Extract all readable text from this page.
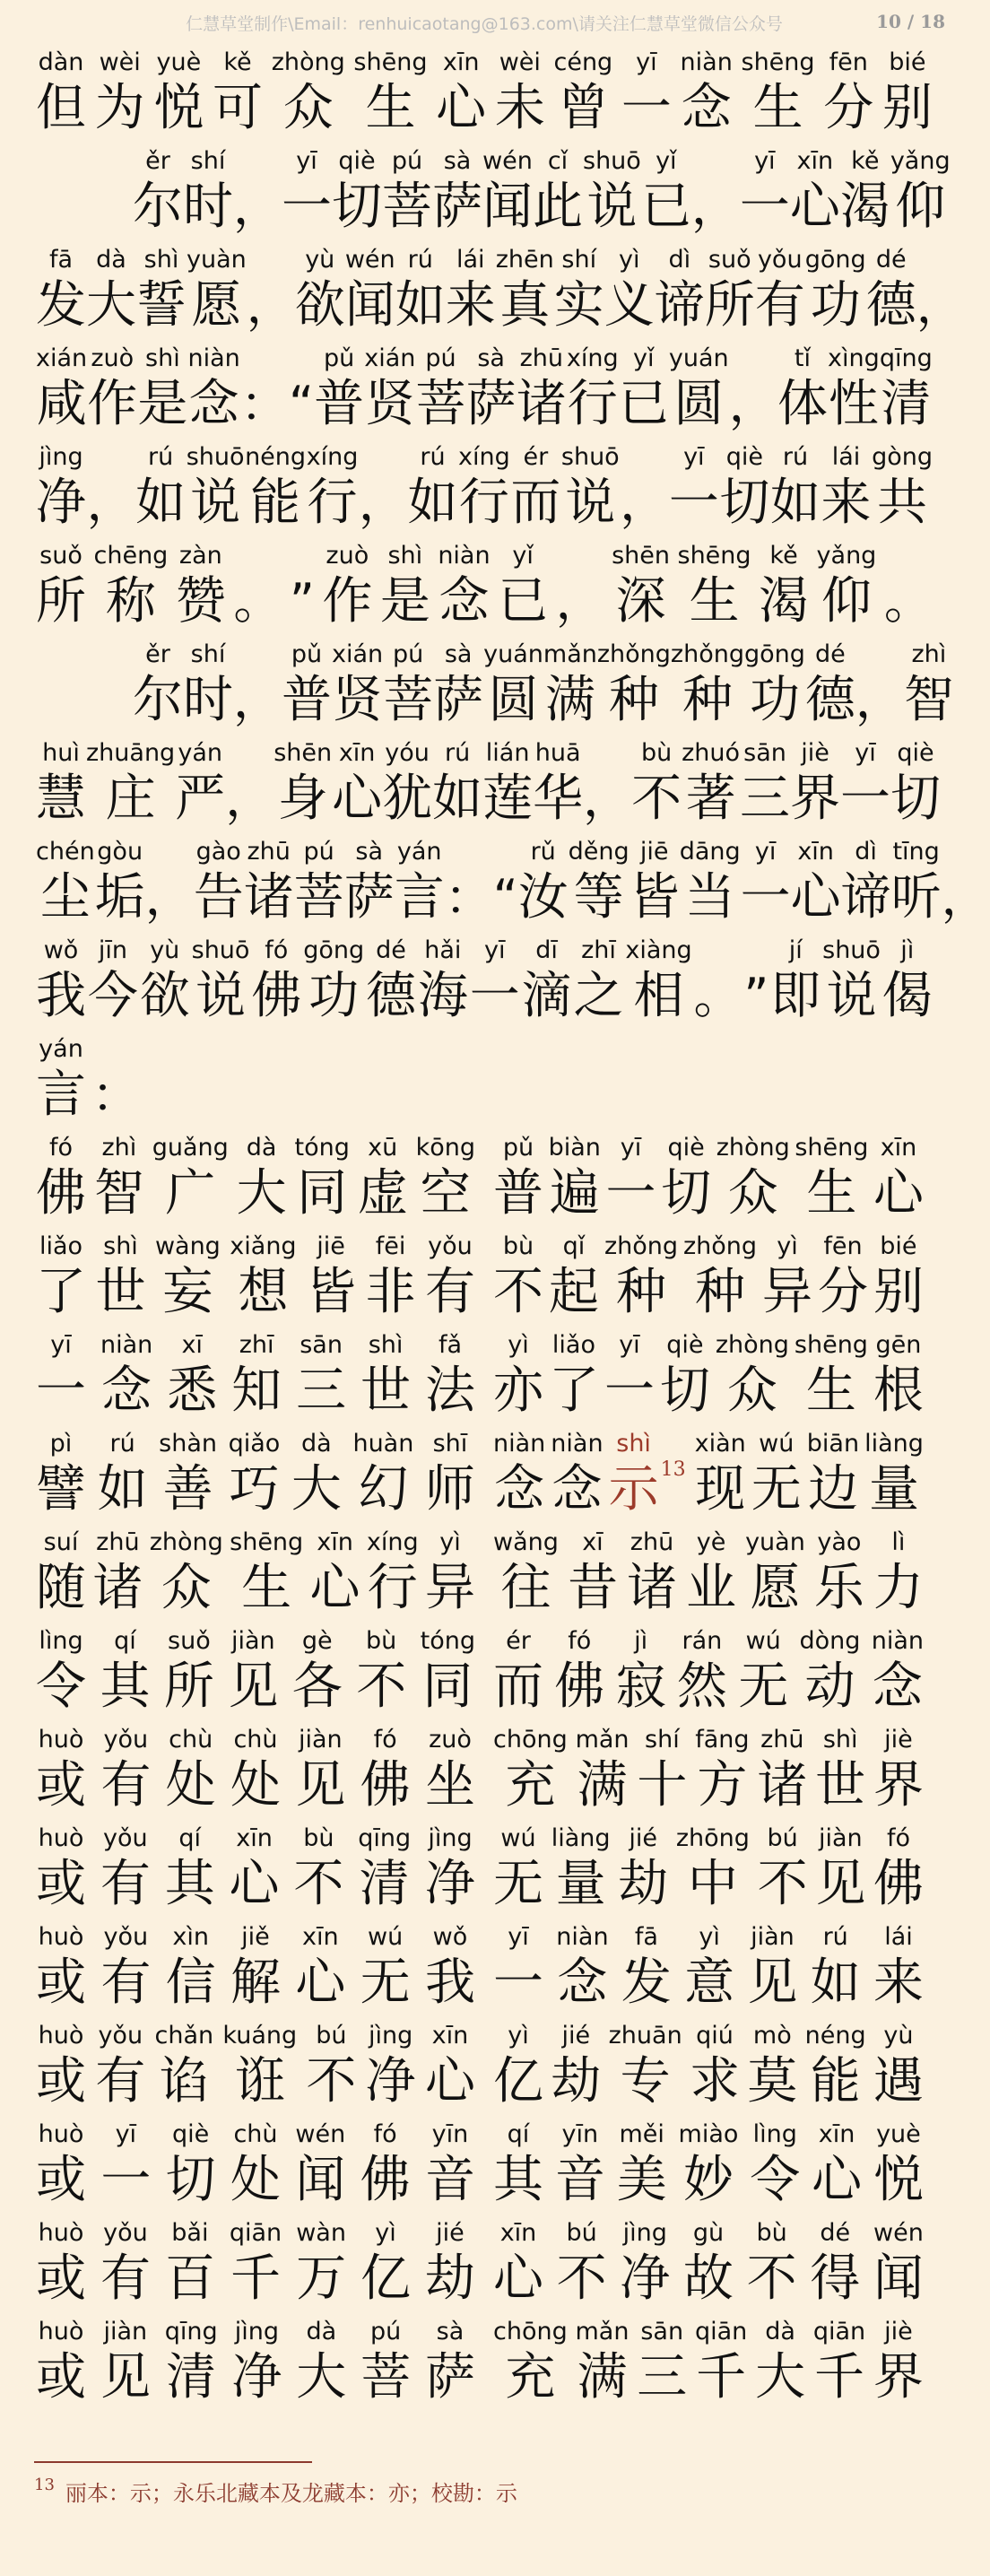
仁慧草堂制作\Email：renhuicaotang@163.com\请关注仁慧草堂微信公众号	10 / 18
dàn
但
wèi
为
yuè
悦
kě
可
zhòng
众
shēng
生
xīn
心
wèi
未
céng
曾
yī
一
niàn
念
shēng
生
fēn
分
bié
别
ěr
尔
shí
时 ，
yī
一
qiè
切
pú
菩
sà
萨
wén
闻
cǐ
此
shuō
说
yǐ
已 ，
yī
一
xīn
心
kě
渴
yǎng
仰
fā
发
dà
大
shì
誓
yuàn
愿 ，
yù
欲
wén
闻
rú
如
lái
来
zhēn
真
shí
实
yì
义
dì
谛
suǒ
所
yǒu
有
gōng
功
dé
德 ，
xián
咸
zuò
作
shì
是
niàn
念 ： “
pǔ
普
xián
贤
pú
菩
sà
萨
zhū
诸
xíng
行
yǐ
已
yuán
圆 ，
tǐ
体
xìng
性
qīng
清
jìng
净 ，
rú
如
shuō
说
néng
能
xíng
行 ，
rú
如
xíng
行
ér
而
shuō
说 ，
yī
一
qiè
切
rú
如
lái
来
gòng
共
suǒ
所
chēng
称
zàn
赞 。 ”
zuò
作
shì
是
niàn
念
yǐ
已 ，
shēn
深
shēng
生
kě
渴
yǎng
仰 。
ěr
尔
shí
时 ，
pǔ
普
xián
贤
pú
菩
sà
萨
yuán
圆
mǎn
满
zhǒng
种
zhǒng
种
gōng
功
dé
德 ，
zhì
智
huì
慧
zhuāng
庄
yán
严 ，
shēn
身
xīn
心
yóu
犹
rú
如
lián
莲
huā
华 ，
bù
不
zhuó
著
sān
三
jiè
界
yī
一
qiè
切
chén
尘
gòu
垢 ，
gào
告
zhū
诸
pú
菩
sà
萨
yán
言 ： “
rǔ
汝
děng
等
jiē
皆
dāng
当
yī
一
xīn
心
dì
谛
tīng
听 ，
wǒ
我
jīn
今
yù
欲
shuō
说
fó
佛
gōng
功
dé
德
hǎi
海
yī
一
dī
滴
zhī
之
xiàng
相 。 ”
jí
即
shuō
说
jì
偈
yán
言 ：
fó
佛
zhì
智
guǎng
广
dà
大
tóng
同
xū
虚
kōng
空
pǔ
普
biàn
遍
yī
一
qiè
切
zhòng
众
shēng
生
xīn
心
liǎo
了
shì
世
wàng
妄
xiǎng
想
jiē
皆
fēi
非
yǒu
有
bù
不
qǐ
起
zhǒng
种
zhǒng
种
yì
异
fēn
分
bié
别
yī
一
niàn
念
xī
悉
zhī
知
sān
三
shì
世
fǎ
法
yì
亦
liǎo
了
yī
一
qiè
切
zhòng
众
shēng
生
gēn
根
pì
譬
rú
如
shàn
善
qiǎo
巧
dà
大
huàn
幻
shī
师
niàn
念
niàn
念
shì
示 13
xiàn
现
wú
无
biān
边
liàng
量
suí
随
zhū
诸
zhòng
众
shēng
生
xīn
心
xíng
行
yì
异
wǎng
往
xī
昔
zhū
诸
yè
业
yuàn
愿
yào
乐
lì
力
lìng
令
qí
其
suǒ
所
jiàn
见
gè
各
bù
不
tóng
同
ér
而
fó
佛
jì
寂
rán
然
wú
无
dòng
动
niàn
念
huò
或
yǒu
有
chù
处
chù
处
jiàn
见
fó
佛
zuò
坐
chōng
充
mǎn
满
shí
十
fāng
方
zhū
诸
shì
世
jiè
界
huò
或
yǒu
有
qí
其
xīn
心
bù
不
qīng
清
jìng
净
wú
无
liàng
量
jié
劫
zhōng
中
bú
不
jiàn
见
fó
佛
huò
或
yǒu
有
xìn
信
jiě
解
xīn
心
wú
无
wǒ
我
yī
一
niàn
念
fā
发
yì
意
jiàn
见
rú
如
lái
来
huò
或
yǒu
有
chǎn
谄
kuáng
诳
bú
不
jìng
净
xīn
心
yì
亿
jié
劫
zhuān
专
qiú
求
mò
莫
néng
能
yù
遇
huò
或
yī
一
qiè
切
chù
处
wén
闻
fó
佛
yīn
音
qí
其
yīn
音
měi
美
miào
妙
lìng
令
xīn
心
yuè
悦
huò
或
yǒu
有
bǎi
百
qiān
千
wàn
万
yì
亿
jié
劫
xīn
心
bú
不
jìng
净
gù
故
bù
不
dé
得
wén
闻
huò
或
jiàn
见
qīng
清
jìng
净
dà
大
pú
菩
sà
萨
chōng
充
mǎn
满
sān
三
qiān
千
dà
大
qiān
千
jiè
界
$^{13}$ 丽本：示；永乐北藏本及龙藏本：亦；校勘：示
